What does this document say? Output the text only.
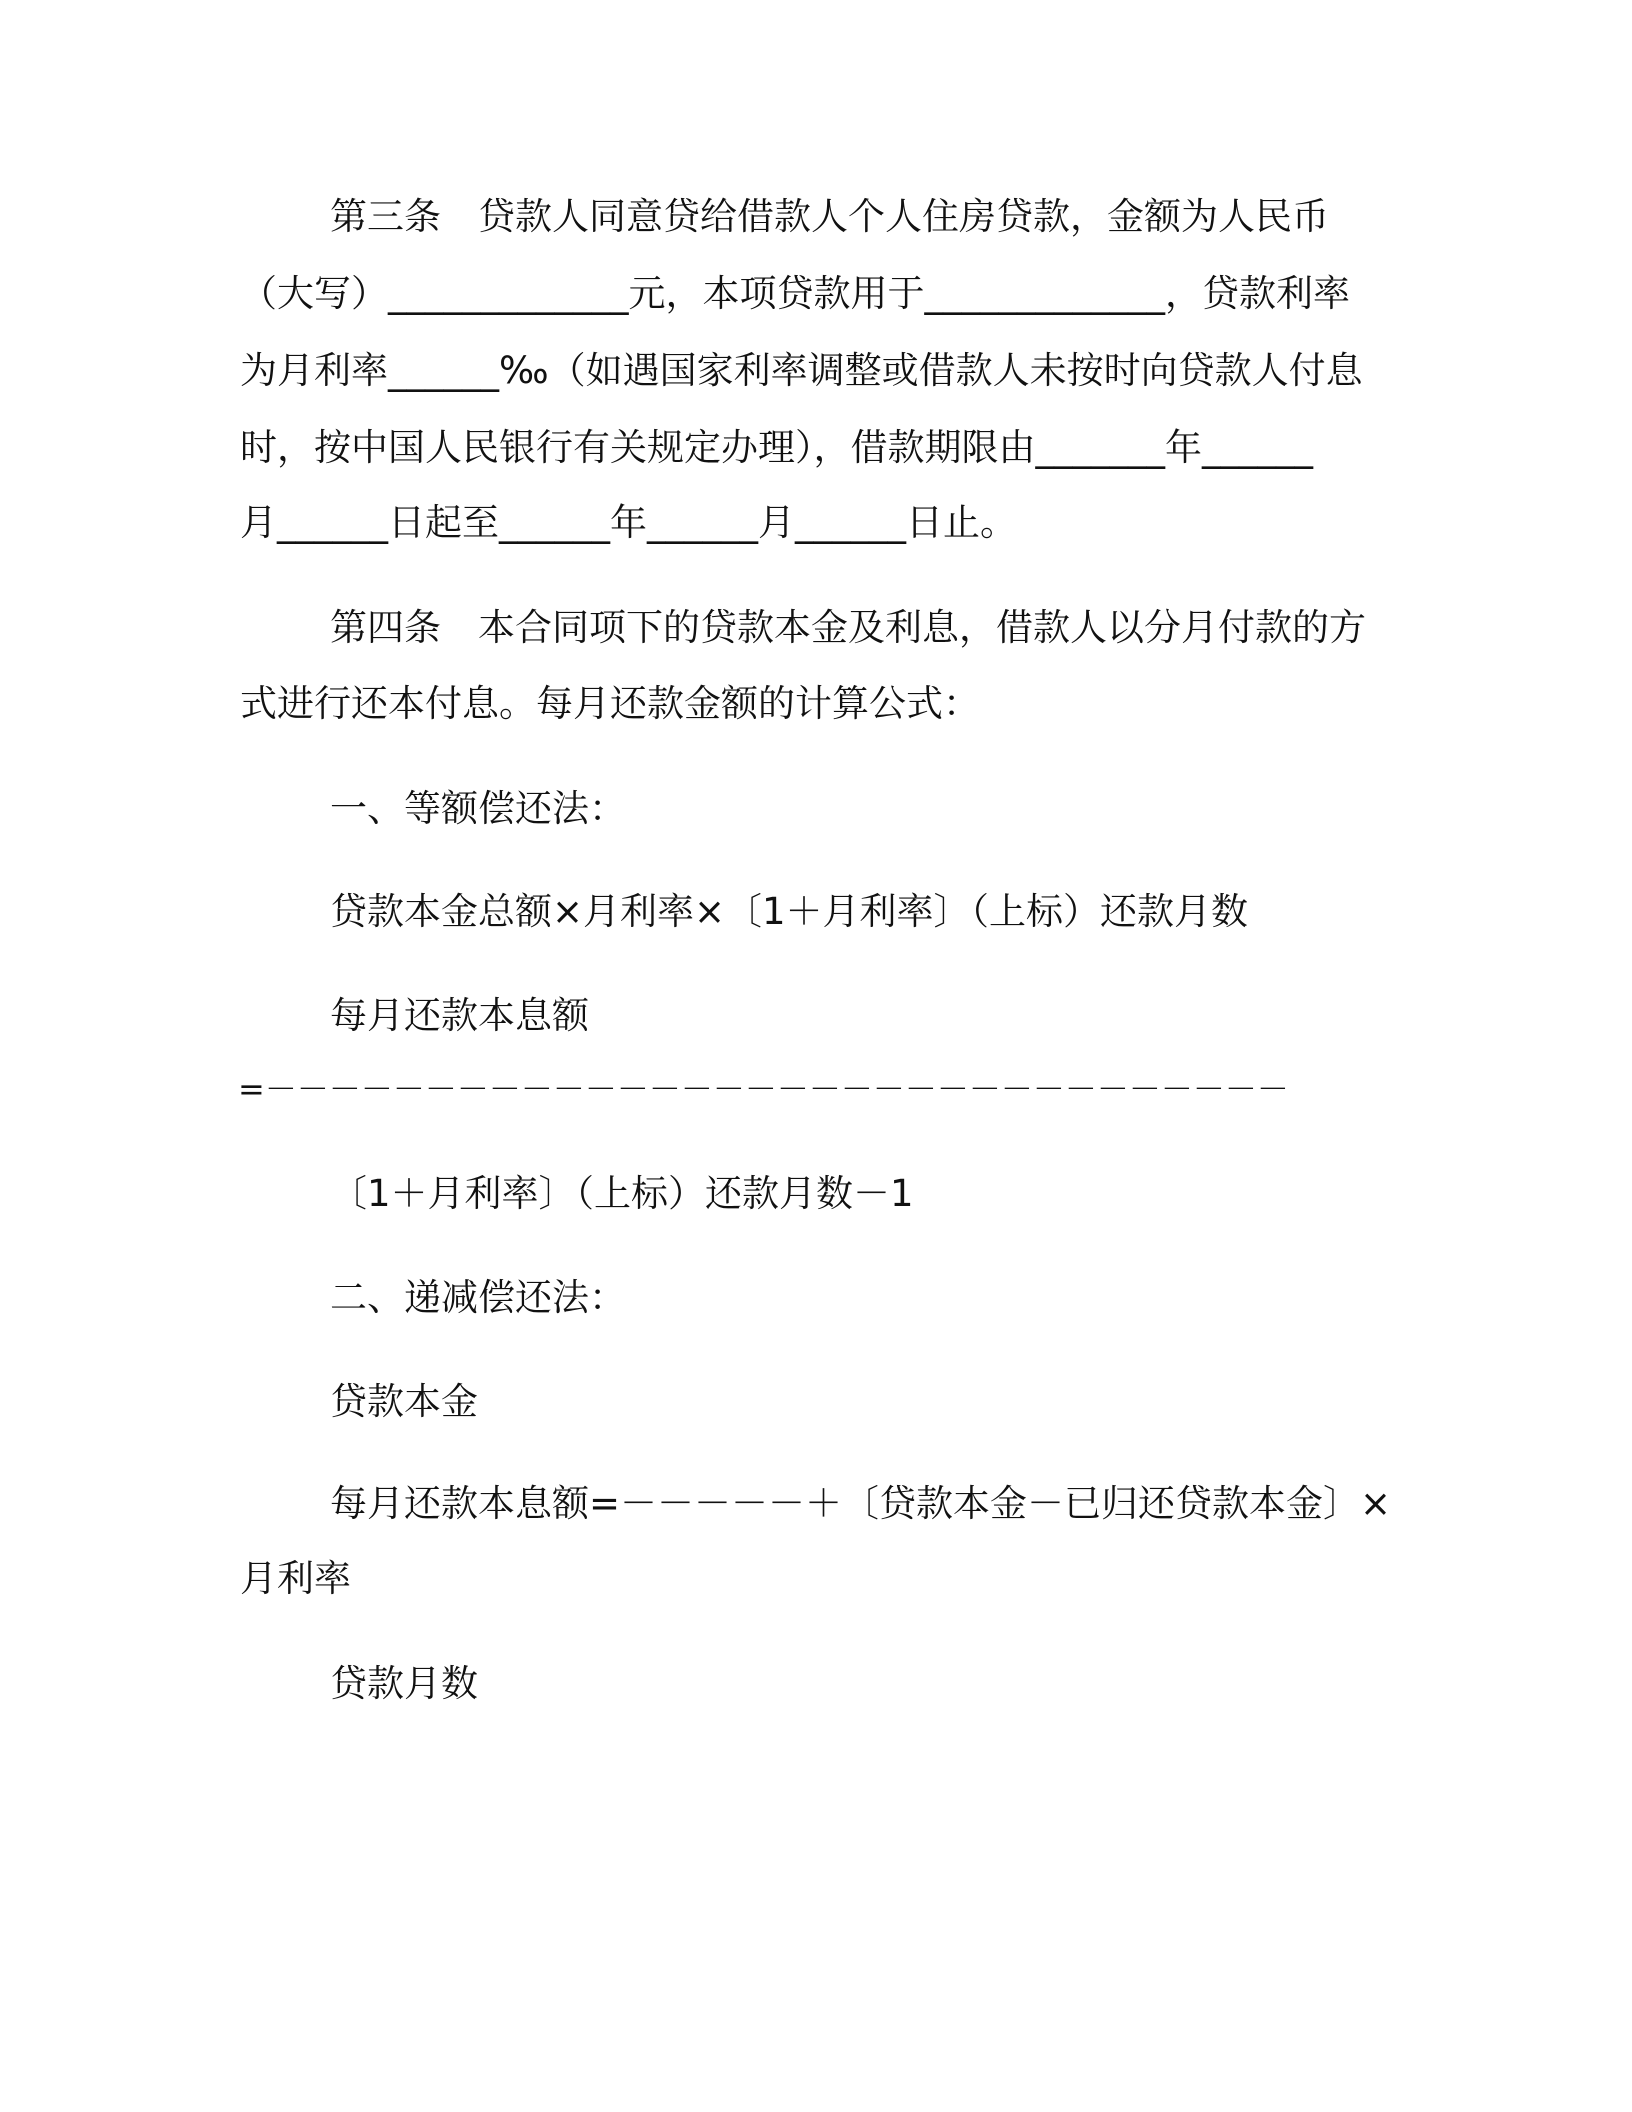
第三条　贷款人同意贷给借款人个人住房贷款，金额为人民币
（大写）_____________元，本项贷款用于_____________，贷款利率
为月利率______‰（如遇国家利率调整或借款人未按时向贷款人付息
时，按中国人民银行有关规定办理），借款期限由_______年______
月______日起至______年______月______日止。
第四条　本合同项下的贷款本金及利息，借款人以分月付款的方
式进行还本付息。每月还款金额的计算公式：
一、等额偿还法：
贷款本金总额×月利率×〔1＋月利率〕（上标）还款月数
每月还款本息额
=－－－－－－－－－－－－－－－－－－－－－－－－－－－－－－－－
〔1＋月利率〕（上标）还款月数－1
二、递减偿还法：
贷款本金
每月还款本息额=－－－－－＋〔贷款本金－已归还贷款本金〕×
月利率
贷款月数
